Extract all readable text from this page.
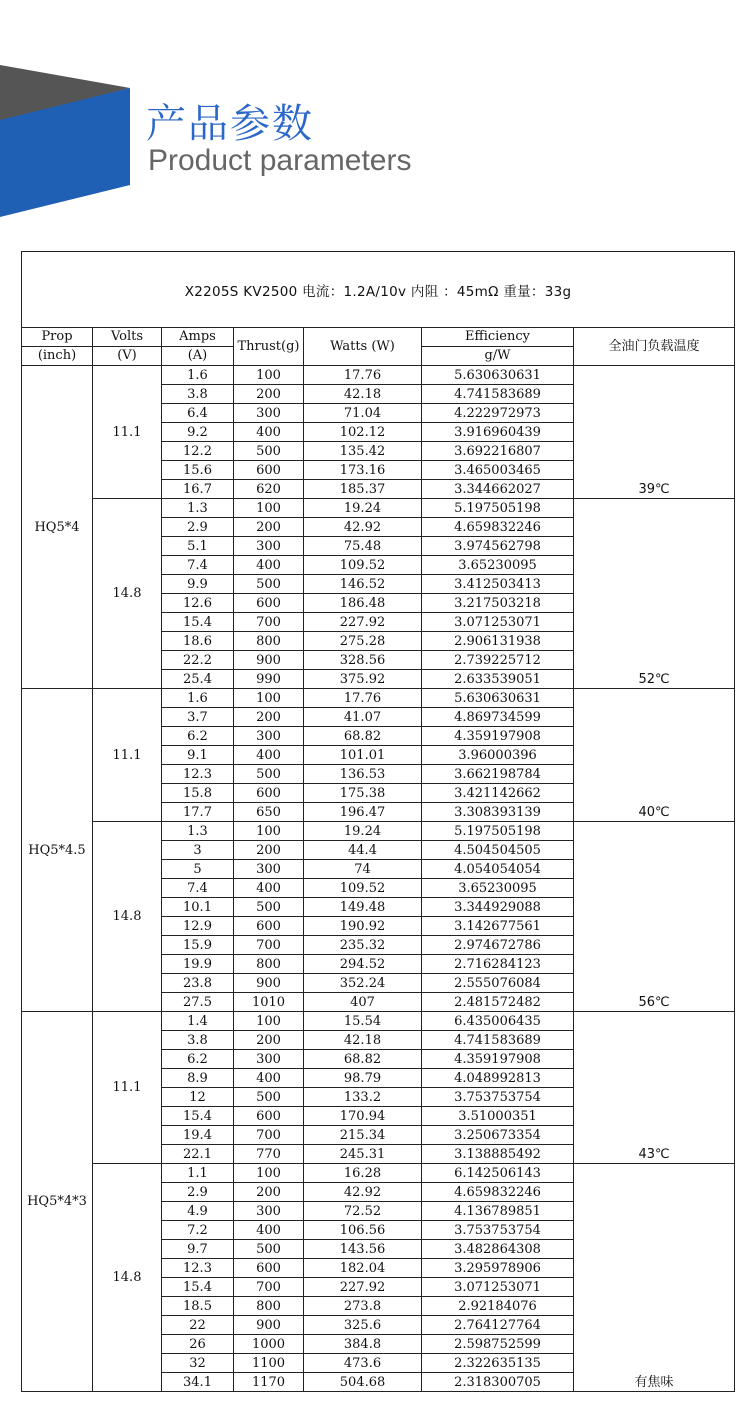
产品参数
Product parameters
X2205S KV2500 电流：1.2A/10v 内阻 ：45mΩ 重量：33g						
Prop	Volts	Amps	Thrust(g)	Watts (W)	Efficiency	全油门负载温度
(inch)	(V)	(A)			g/W	
HQ5*4	11.1	1.6	100	17.76	5.630630631	39℃
		3.8	200	42.18	4.741583689	
		6.4	300	71.04	4.222972973	
		9.2	400	102.12	3.916960439	
		12.2	500	135.42	3.692216807	
		15.6	600	173.16	3.465003465	
		16.7	620	185.37	3.344662027	
	14.8	1.3	100	19.24	5.197505198	52℃
		2.9	200	42.92	4.659832246	
		5.1	300	75.48	3.974562798	
		7.4	400	109.52	3.65230095	
		9.9	500	146.52	3.412503413	
		12.6	600	186.48	3.217503218	
		15.4	700	227.92	3.071253071	
		18.6	800	275.28	2.906131938	
		22.2	900	328.56	2.739225712	
		25.4	990	375.92	2.633539051	
HQ5*4.5	11.1	1.6	100	17.76	5.630630631	40℃
		3.7	200	41.07	4.869734599	
		6.2	300	68.82	4.359197908	
		9.1	400	101.01	3.96000396	
		12.3	500	136.53	3.662198784	
		15.8	600	175.38	3.421142662	
		17.7	650	196.47	3.308393139	
	14.8	1.3	100	19.24	5.197505198	56℃
		3	200	44.4	4.504504505	
		5	300	74	4.054054054	
		7.4	400	109.52	3.65230095	
		10.1	500	149.48	3.344929088	
		12.9	600	190.92	3.142677561	
		15.9	700	235.32	2.974672786	
		19.9	800	294.52	2.716284123	
		23.8	900	352.24	2.555076084	
		27.5	1010	407	2.481572482	
HQ5*4*3	11.1	1.4	100	15.54	6.435006435	43℃
		3.8	200	42.18	4.741583689	
		6.2	300	68.82	4.359197908	
		8.9	400	98.79	4.048992813	
		12	500	133.2	3.753753754	
		15.4	600	170.94	3.51000351	
		19.4	700	215.34	3.250673354	
		22.1	770	245.31	3.138885492	
	14.8	1.1	100	16.28	6.142506143	有焦味
		2.9	200	42.92	4.659832246	
		4.9	300	72.52	4.136789851	
		7.2	400	106.56	3.753753754	
		9.7	500	143.56	3.482864308	
		12.3	600	182.04	3.295978906	
		15.4	700	227.92	3.071253071	
		18.5	800	273.8	2.92184076	
		22	900	325.6	2.764127764	
		26	1000	384.8	2.598752599	
		32	1100	473.6	2.322635135	
		34.1	1170	504.68	2.318300705	
